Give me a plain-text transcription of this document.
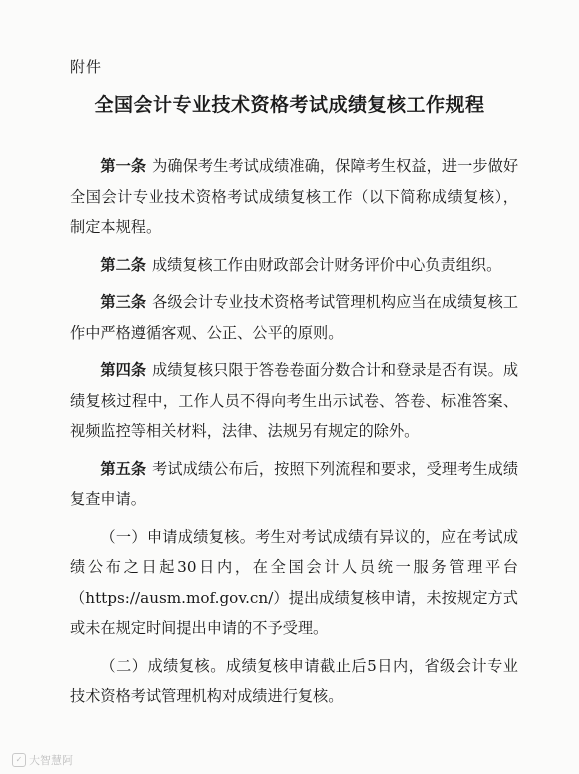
附件
全国会计专业技术资格考试成绩复核工作规程

第一条 为确保考生考试成绩准确，保障考生权益，进一步做好全国会计专业技术资格考试成绩复核工作（以下简称成绩复核），制定本规程。

第二条 成绩复核工作由财政部会计财务评价中心负责组织。

第三条 各级会计专业技术资格考试管理机构应当在成绩复核工作中严格遵循客观、公正、公平的原则。

第四条 成绩复核只限于答卷卷面分数合计和登录是否有误。成绩复核过程中，工作人员不得向考生出示试卷、答卷、标准答案、视频监控等相关材料，法律、法规另有规定的除外。

第五条 考试成绩公布后，按照下列流程和要求，受理考生成绩复查申请。

（一）申请成绩复核。考生对考试成绩有异议的，应在考试成绩公布之日起30日内，在全国会计人员统一服务管理平台（https://ausm.mof.gov.cn/）提出成绩复核申请，未按规定方式或未在规定时间提出申请的不予受理。

（二）成绩复核。成绩复核申请截止后5日内，省级会计专业技术资格考试管理机构对成绩进行复核。

✓ 大智慧阿
